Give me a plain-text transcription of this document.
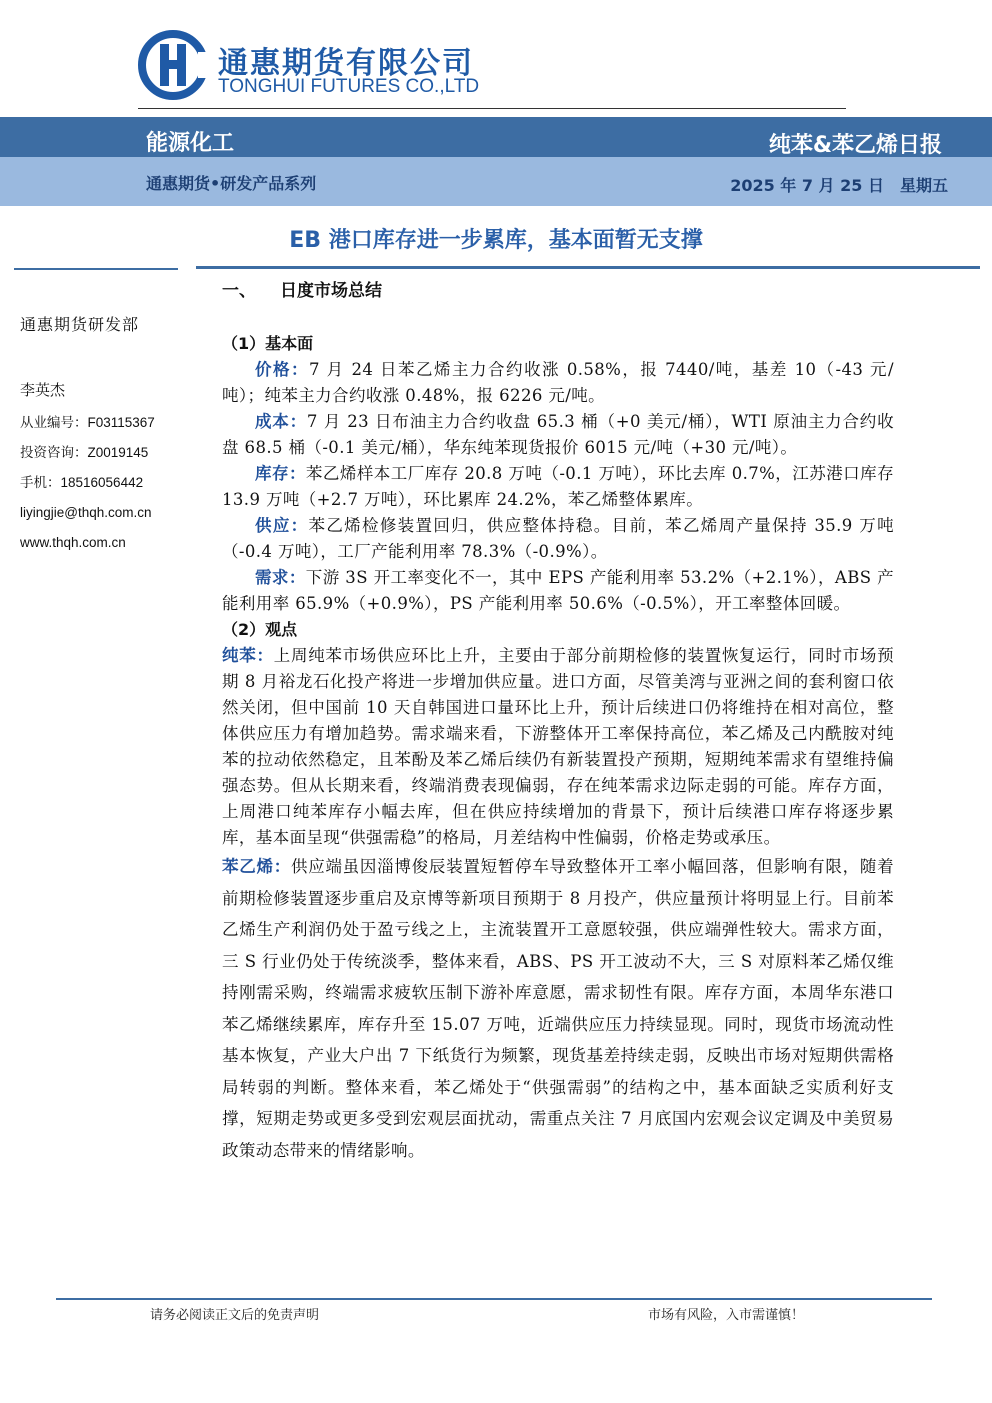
通惠期货有限公司
TONGHUI FUTURES CO.,LTD
能源化工	纯苯&苯乙烯日报
通惠期货•研发产品系列	2025 年 7 月 25 日　星期五
EB 港口库存进一步累库，基本面暂无支撑
通惠期货研发部
李英杰
从业编号：F03115367
投资咨询：Z0019145
手机：18516056442
liyingjie@thqh.com.cn
www.thqh.com.cn
一、 日度市场总结
（1）基本面

价格：7 月 24 日苯乙烯主力合约收涨 0.58%，报 7440/吨，基差 10（-43 元/吨）；纯苯主力合约收涨 0.48%，报 6226 元/吨。

成本：7 月 23 日布油主力合约收盘 65.3 桶（+0 美元/桶），WTI 原油主力合约收盘 68.5 桶（-0.1 美元/桶），华东纯苯现货报价 6015 元/吨（+30 元/吨）。

库存：苯乙烯样本工厂库存 20.8 万吨（-0.1 万吨），环比去库 0.7%，江苏港口库存 13.9 万吨（+2.7 万吨），环比累库 24.2%，苯乙烯整体累库。

供应：苯乙烯检修装置回归，供应整体持稳。目前，苯乙烯周产量保持 35.9 万吨（-0.4 万吨），工厂产能利用率 78.3%（-0.9%）。

需求：下游 3S 开工率变化不一，其中 EPS 产能利用率 53.2%（+2.1%），ABS 产能利用率 65.9%（+0.9%），PS 产能利用率 50.6%（-0.5%），开工率整体回暖。

（2）观点

纯苯：上周纯苯市场供应环比上升，主要由于部分前期检修的装置恢复运行，同时市场预期 8 月裕龙石化投产将进一步增加供应量。进口方面，尽管美湾与亚洲之间的套利窗口依然关闭，但中国前 10 天自韩国进口量环比上升，预计后续进口仍将维持在相对高位，整体供应压力有增加趋势。需求端来看，下游整体开工率保持高位，苯乙烯及己内酰胺对纯苯的拉动依然稳定，且苯酚及苯乙烯后续仍有新装置投产预期，短期纯苯需求有望维持偏强态势。但从长期来看，终端消费表现偏弱，存在纯苯需求边际走弱的可能。库存方面，上周港口纯苯库存小幅去库，但在供应持续增加的背景下，预计后续港口库存将逐步累库，基本面呈现“供强需稳”的格局，月差结构中性偏弱，价格走势或承压。

苯乙烯：供应端虽因淄博俊辰装置短暂停车导致整体开工率小幅回落，但影响有限，随着前期检修装置逐步重启及京博等新项目预期于 8 月投产，供应量预计将明显上行。目前苯乙烯生产利润仍处于盈亏线之上，主流装置开工意愿较强，供应端弹性较大。需求方面，三 S 行业仍处于传统淡季，整体来看，ABS、PS 开工波动不大，三 S 对原料苯乙烯仅维持刚需采购，终端需求疲软压制下游补库意愿，需求韧性有限。库存方面，本周华东港口苯乙烯继续累库，库存升至 15.07 万吨，近端供应压力持续显现。同时，现货市场流动性基本恢复，产业大户出 7 下纸货行为频繁，现货基差持续走弱，反映出市场对短期供需格局转弱的判断。整体来看，苯乙烯处于“供强需弱”的结构之中，基本面缺乏实质利好支撑，短期走势或更多受到宏观层面扰动，需重点关注 7 月底国内宏观会议定调及中美贸易政策动态带来的情绪影响。

请务必阅读正文后的免责声明	市场有风险，入市需谨慎！
